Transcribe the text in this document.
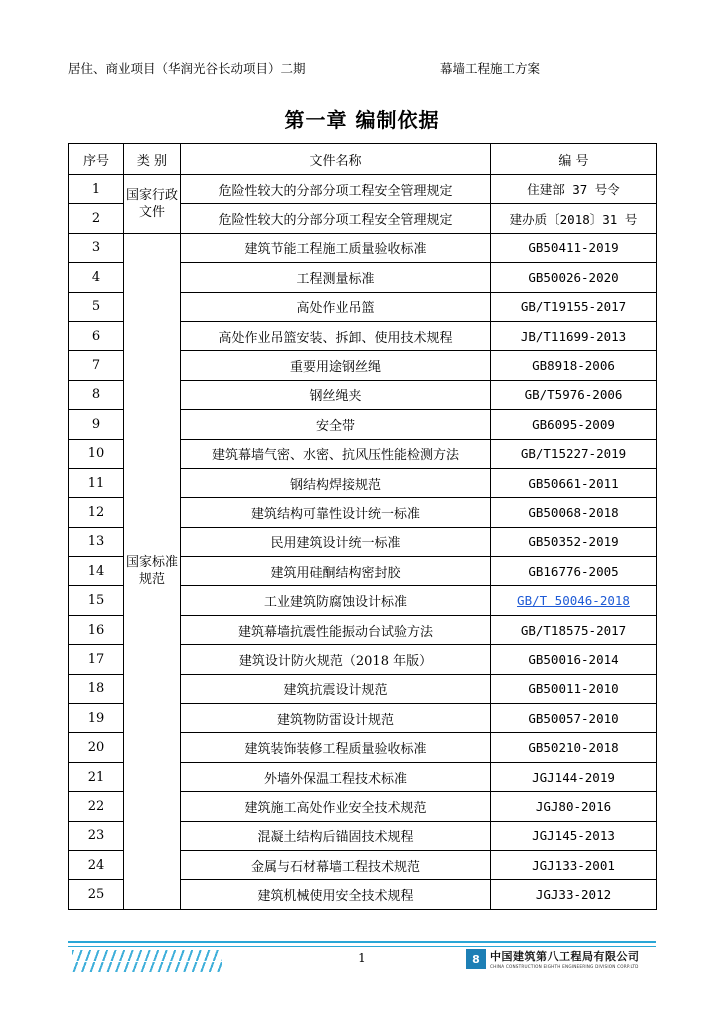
居住、商业项目（华润光谷长动项目）二期	幕墙工程施工方案
第一章 编制依据
序号	类 别	文件名称	编 号
1	国家行政文件	危险性较大的分部分项工程安全管理规定	住建部 37 号令
2		危险性较大的分部分项工程安全管理规定	建办质〔2018〕31 号
3	国家标准规范	建筑节能工程施工质量验收标准	GB50411-2019
4		工程测量标准	GB50026-2020
5		高处作业吊篮	GB/T19155-2017
6		高处作业吊篮安装、拆卸、使用技术规程	JB/T11699-2013
7		重要用途钢丝绳	GB8918-2006
8		钢丝绳夹	GB/T5976-2006
9		安全带	GB6095-2009
10		建筑幕墙气密、水密、抗风压性能检测方法	GB/T15227-2019
11		钢结构焊接规范	GB50661-2011
12		建筑结构可靠性设计统一标准	GB50068-2018
13		民用建筑设计统一标准	GB50352-2019
14		建筑用硅酮结构密封胶	GB16776-2005
15		工业建筑防腐蚀设计标准	GB/T 50046-2018
16		建筑幕墙抗震性能振动台试验方法	GB/T18575-2017
17		建筑设计防火规范（2018 年版）	GB50016-2014
18		建筑抗震设计规范	GB50011-2010
19		建筑物防雷设计规范	GB50057-2010
20		建筑装饰装修工程质量验收标准	GB50210-2018
21		外墙外保温工程技术标准	JGJ144-2019
22		建筑施工高处作业安全技术规范	JGJ80-2016
23		混凝土结构后锚固技术规程	JGJ145-2013
24		金属与石材幕墙工程技术规范	JGJ133-2001
25		建筑机械使用安全技术规程	JGJ33-2012
1	8 中国建筑第八工程局有限公司
CHINA CONSTRUCTION EIGHTH ENGINEERING DIVISION CORP.LTD
